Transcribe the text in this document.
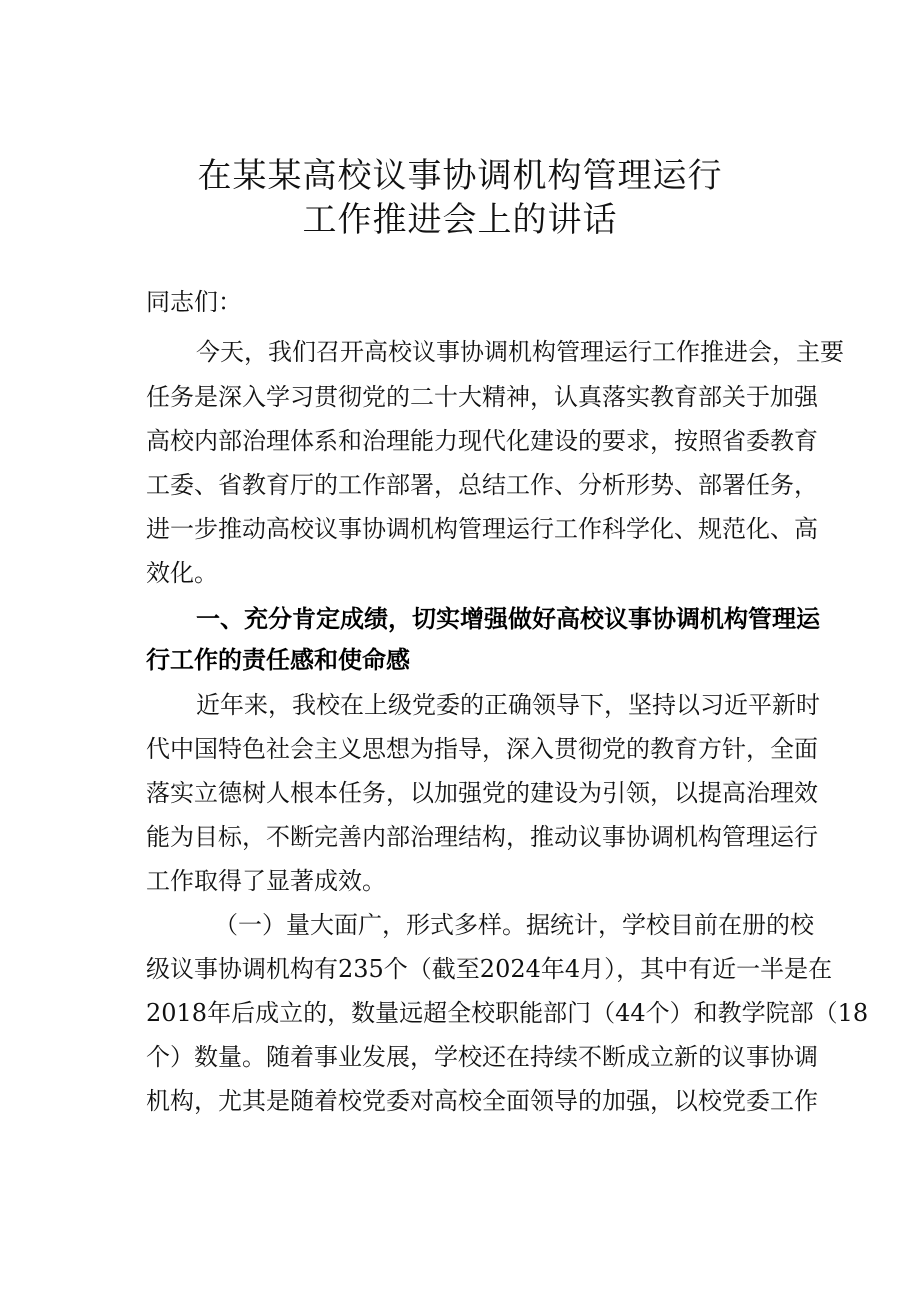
在某某高校议事协调机构管理运行
工作推进会上的讲话
同志们：
今天，我们召开高校议事协调机构管理运行工作推进会，主要
任务是深入学习贯彻党的二十大精神，认真落实教育部关于加强
高校内部治理体系和治理能力现代化建设的要求，按照省委教育
工委、省教育厅的工作部署，总结工作、分析形势、部署任务，
进一步推动高校议事协调机构管理运行工作科学化、规范化、高
效化。
一、充分肯定成绩，切实增强做好高校议事协调机构管理运
行工作的责任感和使命感
近年来，我校在上级党委的正确领导下，坚持以习近平新时
代中国特色社会主义思想为指导，深入贯彻党的教育方针，全面
落实立德树人根本任务，以加强党的建设为引领，以提高治理效
能为目标，不断完善内部治理结构，推动议事协调机构管理运行
工作取得了显著成效。
（一）量大面广，形式多样。据统计，学校目前在册的校
级议事协调机构有235个（截至2024年4月），其中有近一半是在
2018年后成立的，数量远超全校职能部门（44个）和教学院部（18
个）数量。随着事业发展，学校还在持续不断成立新的议事协调
机构，尤其是随着校党委对高校全面领导的加强，以校党委工作
